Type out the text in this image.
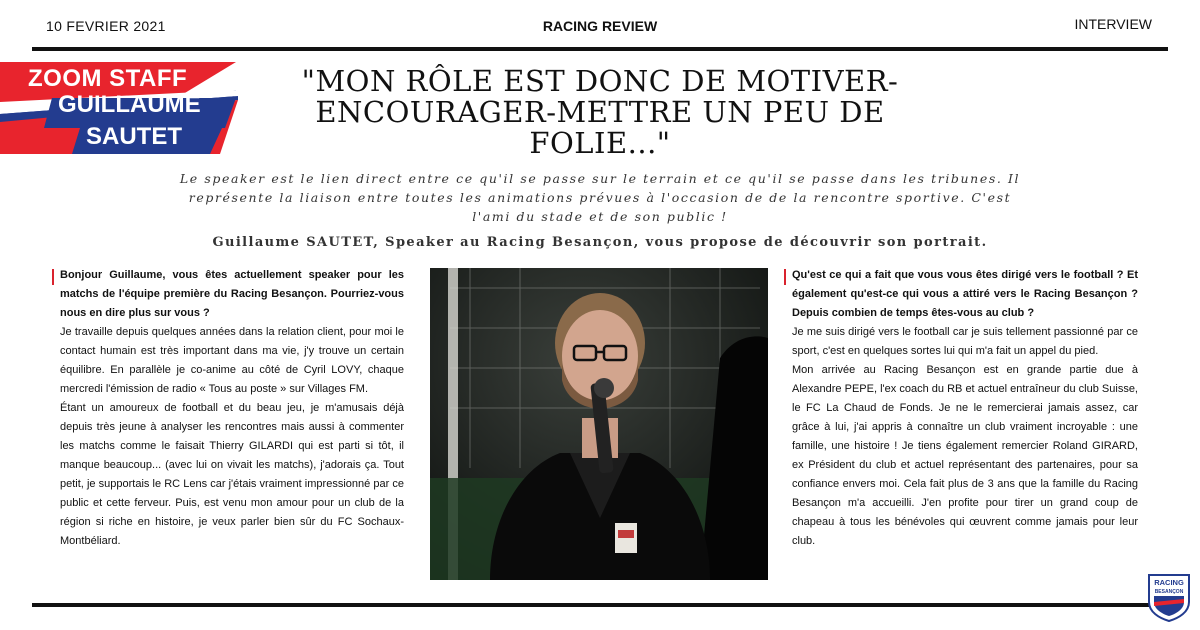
10 FEVRIER 2021	RACING REVIEW	INTERVIEW
ZOOM STAFF
GUILLAUME
SAUTET
"MON RÔLE EST DONC DE MOTIVER-ENCOURAGER-METTRE UN PEU DE FOLIE..."

Le speaker est le lien direct entre ce qu'il se passe sur le terrain et ce qu'il se passe dans les tribunes. Il représente la liaison entre toutes les animations prévues à l'occasion de de la rencontre sportive. C'est l'ami du stade et de son public !

Guillaume SAUTET, Speaker au Racing Besançon, vous propose de découvrir son portrait.

Bonjour Guillaume, vous êtes actuellement speaker pour les matchs de l'équipe première du Racing Besançon. Pourriez-vous nous en dire plus sur vous ?

Je travaille depuis quelques années dans la relation client, pour moi le contact humain est très important dans ma vie, j'y trouve un certain équilibre. En parallèle je co-anime au côté de Cyril LOVY, chaque mercredi l'émission de radio « Tous au poste » sur Villages FM.

Étant un amoureux de football et du beau jeu, je m'amusais déjà depuis très jeune à analyser les rencontres mais aussi à commenter les matchs comme le faisait Thierry GILARDI qui est parti si tôt, il manque beaucoup... (avec lui on vivait les matchs), j'adorais ça. Tout petit, je supportais le RC Lens car j'étais vraiment impressionné par ce public et cette ferveur. Puis, est venu mon amour pour un club de la région si riche en histoire, je veux parler bien sûr du FC Sochaux-Montbéliard.

Qu'est ce qui a fait que vous vous êtes dirigé vers le football ? Et également qu'est-ce qui vous a attiré vers le Racing Besançon ? Depuis combien de temps êtes-vous au club ?

Je me suis dirigé vers le football car je suis tellement passionné par ce sport, c'est en quelques sortes lui qui m'a fait un appel du pied.

Mon arrivée au Racing Besançon est en grande partie due à Alexandre PEPE, l'ex coach du RB et actuel entraîneur du club Suisse, le FC La Chaud de Fonds. Je ne le remercierai jamais assez, car grâce à lui, j'ai appris à connaître un club vraiment incroyable : une famille, une histoire ! Je tiens également remercier Roland GIRARD, ex Président du club et actuel représentant des partenaires, pour sa confiance envers moi. Cela fait plus de 3 ans que la famille du Racing Besançon m'a accueilli. J'en profite pour tirer un grand coup de chapeau à tous les bénévoles qui œuvrent comme jamais pour leur club.

RACING
BESANÇON
